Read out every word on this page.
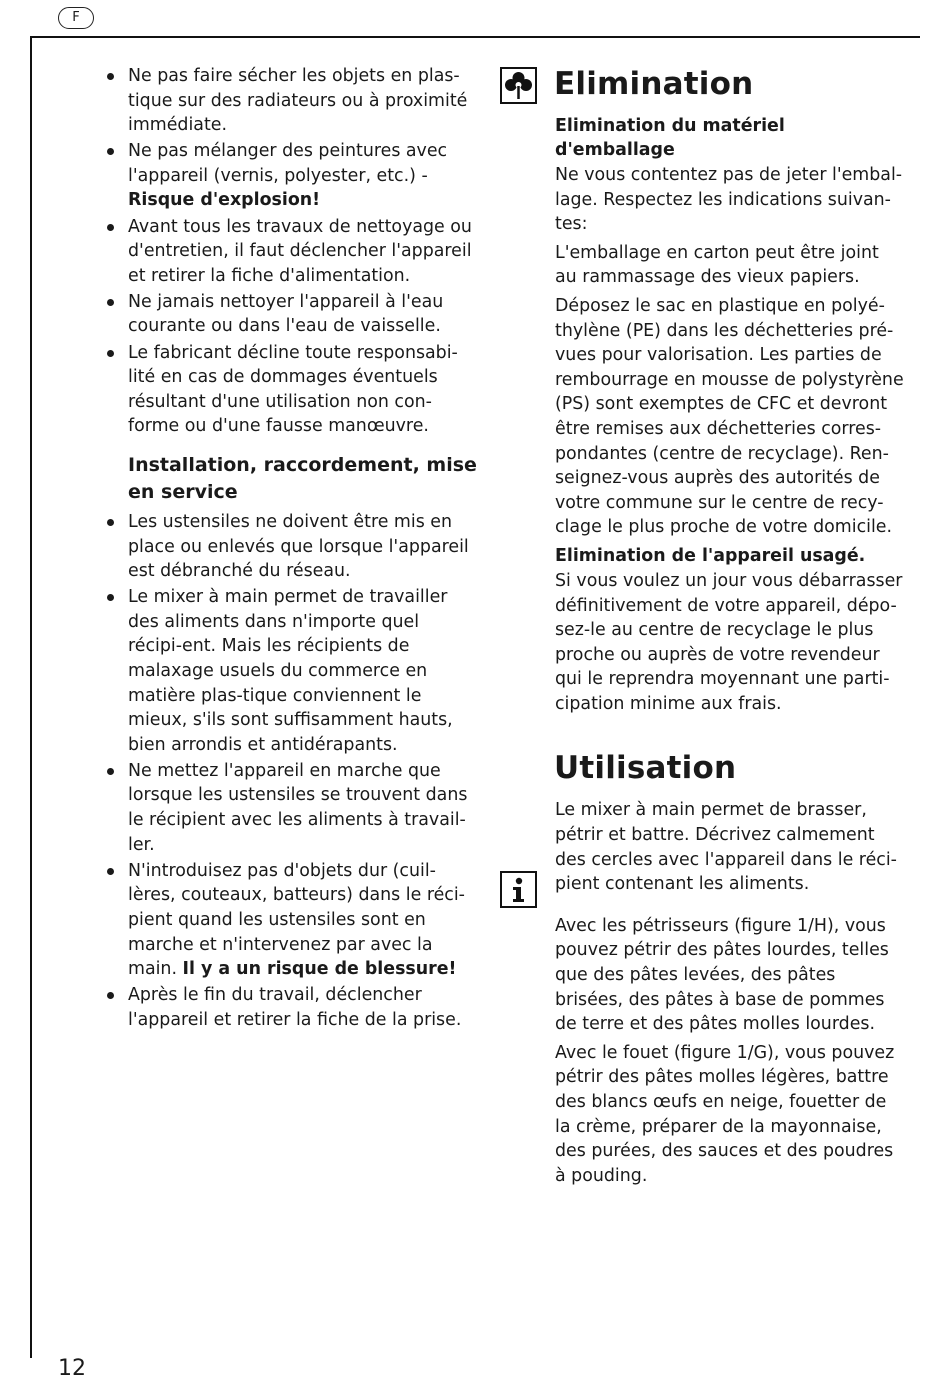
F
Ne pas faire sécher les objets en plas-tique sur des radiateurs ou à proximité immédiate.
Ne pas mélanger des peintures avec l'appareil (vernis, polyester, etc.) - Risque d'explosion!
Avant tous les travaux de nettoyage ou d'entretien, il faut déclencher l'appareil et retirer la fiche d'alimentation.
Ne jamais nettoyer l'appareil à l'eau courante ou dans l'eau de vaisselle.
Le fabricant décline toute responsabi-lité en cas de dommages éventuels résultant d'une utilisation non con-forme ou d'une fausse manœuvre.
Installation, raccordement, mise en service
Les ustensiles ne doivent être mis en place ou enlevés que lorsque l'appareil est débranché du réseau.
Le mixer à main permet de travailler des aliments dans n'importe quel récipi-ent. Mais les récipients de malaxage usuels du commerce en matière plas-tique conviennent le mieux, s'ils sont suffisamment hauts, bien arrondis et antidérapants.
Ne mettez l'appareil en marche que lorsque les ustensiles se trouvent dans le récipient avec les aliments à travail-ler.
N'introduisez pas d'objets dur (cuil-lères, couteaux, batteurs) dans le réci-pient quand les ustensiles sont en marche et n'intervenez par avec la main. Il y a un risque de blessure!
Après le fin du travail, déclencher l'appareil et retirer la fiche de la prise.
Elimination
Elimination du matériel d'emballage

Ne vous contentez pas de jeter l'embal-lage. Respectez les indications suivan-tes:

L'emballage en carton peut être joint au rammassage des vieux papiers.

Déposez le sac en plastique en polyé-thylène (PE) dans les déchetteries pré-vues pour valorisation. Les parties de rembourrage en mousse de polystyrène (PS) sont exemptes de CFC et devront être remises aux déchetteries corres-pondantes (centre de recyclage). Ren-seignez-vous auprès des autorités de votre commune sur le centre de recy-clage le plus proche de votre domicile.

Elimination de l'appareil usagé.

Si vous voulez un jour vous débarrasser définitivement de votre appareil, dépo-sez-le au centre de recyclage le plus proche ou auprès de votre revendeur qui le reprendra moyennant une parti-cipation minime aux frais.

Utilisation

Le mixer à main permet de brasser, pétrir et battre. Décrivez calmement des cercles avec l'appareil dans le réci-pient contenant les aliments.

Avec les pétrisseurs (figure 1/H), vous pouvez pétrir des pâtes lourdes, telles que des pâtes levées, des pâtes brisées, des pâtes à base de pommes de terre et des pâtes molles lourdes.

Avec le fouet (figure 1/G), vous pouvez pétrir des pâtes molles légères, battre des blancs œufs en neige, fouetter de la crème, préparer de la mayonnaise, des purées, des sauces et des poudres à pouding.

12
